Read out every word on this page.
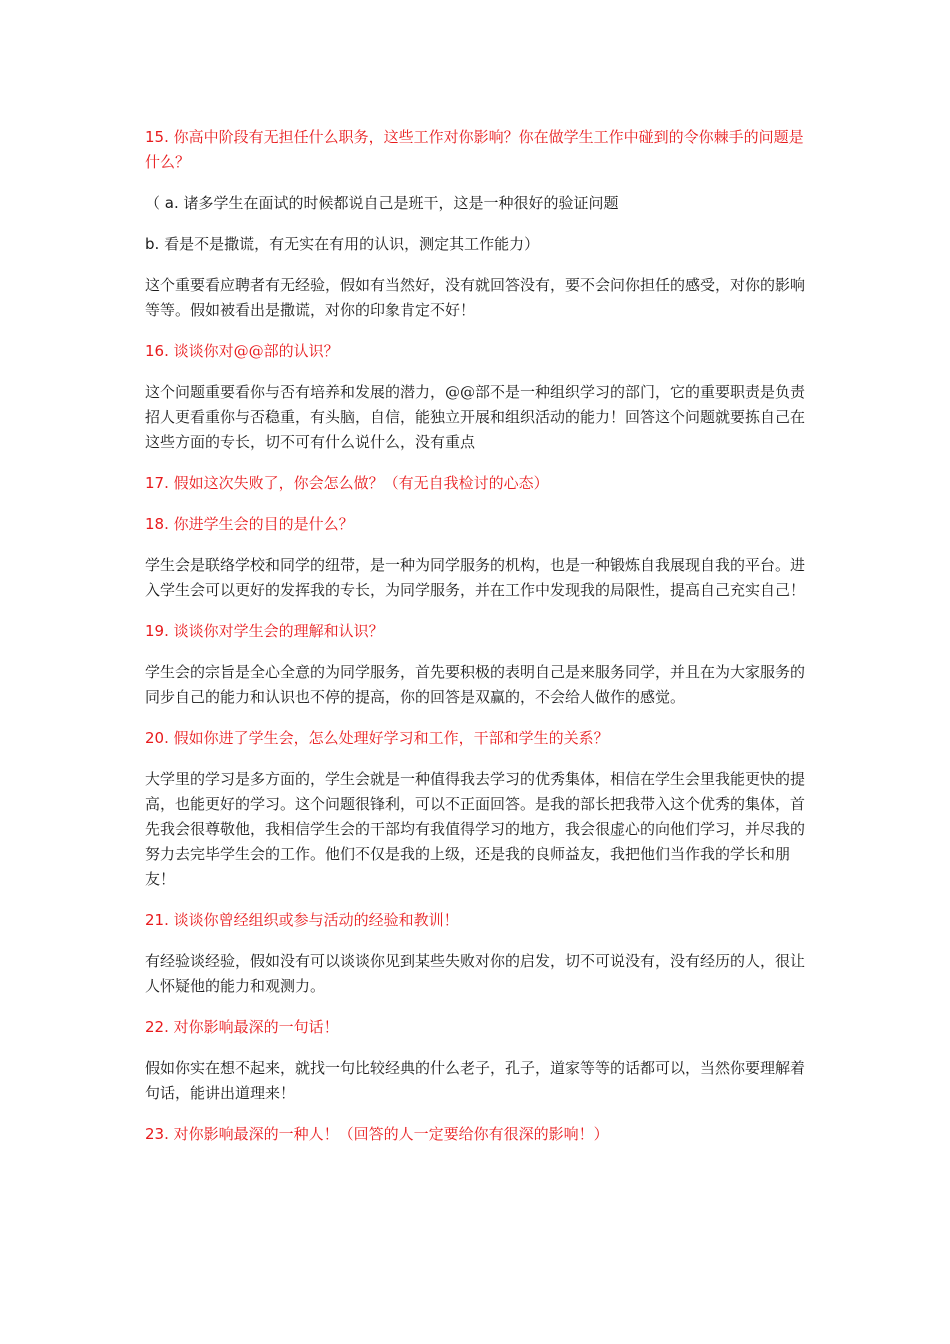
15. 你高中阶段有无担任什么职务，这些工作对你影响？你在做学生工作中碰到的令你棘手的问题是什么？

（ a. 诸多学生在面试的时候都说自己是班干，这是一种很好的验证问题

b. 看是不是撒谎，有无实在有用的认识，测定其工作能力）

这个重要看应聘者有无经验，假如有当然好，没有就回答没有，要不会问你担任的感受，对你的影响等等。假如被看出是撒谎，对你的印象肯定不好！

16. 谈谈你对@@部的认识？

这个问题重要看你与否有培养和发展的潜力，@@部不是一种组织学习的部门，它的重要职责是负责招人更看重你与否稳重，有头脑，自信，能独立开展和组织活动的能力！回答这个问题就要拣自己在这些方面的专长，切不可有什么说什么，没有重点

17. 假如这次失败了，你会怎么做？（有无自我检讨的心态）

18. 你进学生会的目的是什么？

学生会是联络学校和同学的纽带，是一种为同学服务的机构，也是一种锻炼自我展现自我的平台。进入学生会可以更好的发挥我的专长，为同学服务，并在工作中发现我的局限性，提高自己充实自己！

19. 谈谈你对学生会的理解和认识？

学生会的宗旨是全心全意的为同学服务，首先要积极的表明自己是来服务同学，并且在为大家服务的同步自己的能力和认识也不停的提高，你的回答是双赢的，不会给人做作的感觉。

20. 假如你进了学生会，怎么处理好学习和工作，干部和学生的关系？

大学里的学习是多方面的，学生会就是一种值得我去学习的优秀集体，相信在学生会里我能更快的提高，也能更好的学习。这个问题很锋利，可以不正面回答。是我的部长把我带入这个优秀的集体，首先我会很尊敬他，我相信学生会的干部均有我值得学习的地方，我会很虚心的向他们学习，并尽我的努力去完毕学生会的工作。他们不仅是我的上级，还是我的良师益友，我把他们当作我的学长和朋友！

21. 谈谈你曾经组织或参与活动的经验和教训！

有经验谈经验，假如没有可以谈谈你见到某些失败对你的启发，切不可说没有，没有经历的人，很让人怀疑他的能力和观测力。

22. 对你影响最深的一句话！

假如你实在想不起来，就找一句比较经典的什么老子，孔子，道家等等的话都可以，当然你要理解着句话，能讲出道理来！

23. 对你影响最深的一种人！（回答的人一定要给你有很深的影响！）
